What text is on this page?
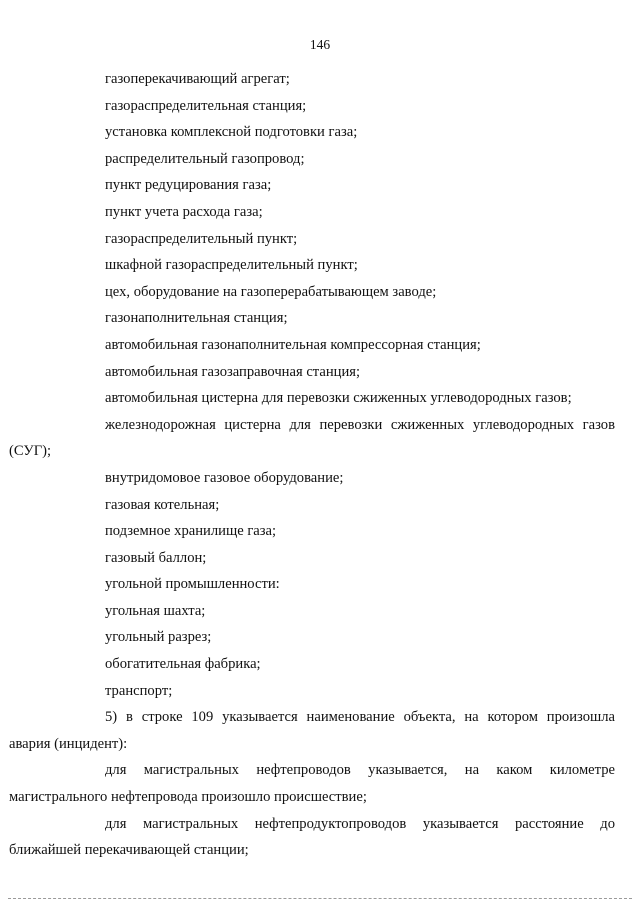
146
газоперекачивающий агрегат;
газораспределительная станция;
установка комплексной подготовки газа;
распределительный газопровод;
пункт редуцирования газа;
пункт учета расхода газа;
газораспределительный пункт;
шкафной газораспределительный пункт;
цех, оборудование на газоперерабатывающем заводе;
газонаполнительная станция;
автомобильная газонаполнительная компрессорная станция;
автомобильная газозаправочная станция;
автомобильная цистерна для перевозки сжиженных углеводородных газов;
железнодорожная цистерна для перевозки сжиженных углеводородных газов
(СУГ);
внутридомовое газовое оборудование;
газовая котельная;
подземное хранилище газа;
газовый баллон;
угольной промышленности:
угольная шахта;
угольный разрез;
обогатительная фабрика;
транспорт;
5) в строке 109 указывается наименование объекта, на котором произошла
авария (инцидент):
для магистральных нефтепроводов указывается, на каком километре
магистрального нефтепровода произошло происшествие;
для магистральных нефтепродуктопроводов указывается расстояние до
ближайшей перекачивающей станции;
